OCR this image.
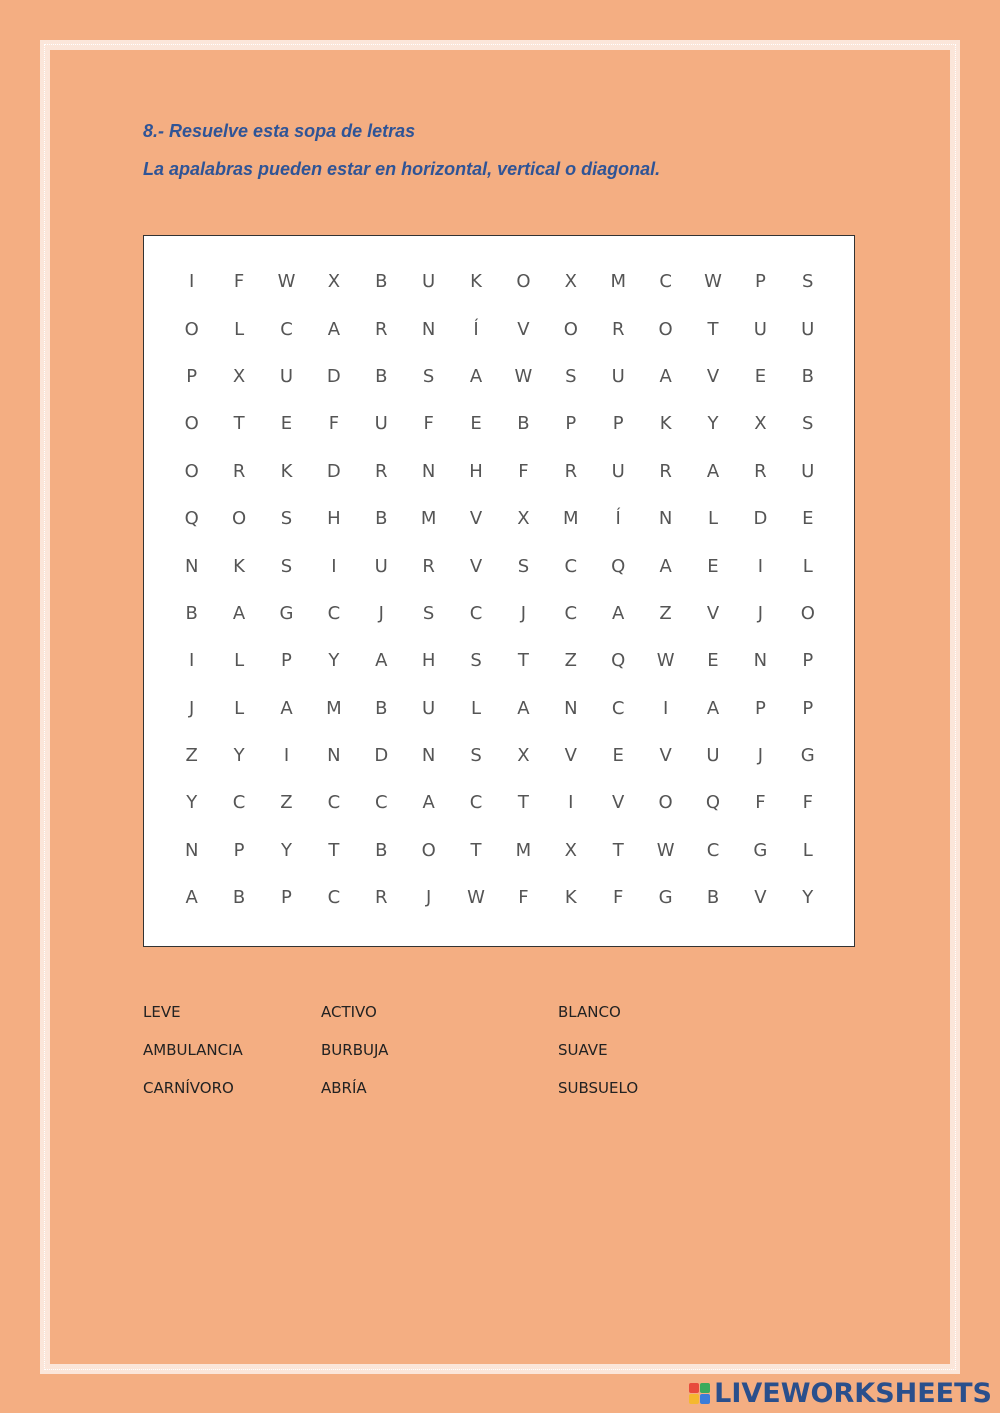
8.- Resuelve esta sopa de letras

La apalabras pueden estar en horizontal, vertical o diagonal.

I	F	W	X	B	U	K	O	X	M	C	W	P	S
O	L	C	A	R	N	Í	V	O	R	O	T	U	U
P	X	U	D	B	S	A	W	S	U	A	V	E	B
O	T	E	F	U	F	E	B	P	P	K	Y	X	S
O	R	K	D	R	N	H	F	R	U	R	A	R	U
Q	O	S	H	B	M	V	X	M	Í	N	L	D	E
N	K	S	I	U	R	V	S	C	Q	A	E	I	L
B	A	G	C	J	S	C	J	C	A	Z	V	J	O
I	L	P	Y	A	H	S	T	Z	Q	W	E	N	P
J	L	A	M	B	U	L	A	N	C	I	A	P	P
Z	Y	I	N	D	N	S	X	V	E	V	U	J	G
Y	C	Z	C	C	A	C	T	I	V	O	Q	F	F
N	P	Y	T	B	O	T	M	X	T	W	C	G	L
A	B	P	C	R	J	W	F	K	F	G	B	V	Y
LEVE	ACTIVO	BLANCO
AMBULANCIA	BURBUJA	SUAVE
CARNÍVORO	ABRÍA	SUBSUELO
LIVEWORKSHEETS
